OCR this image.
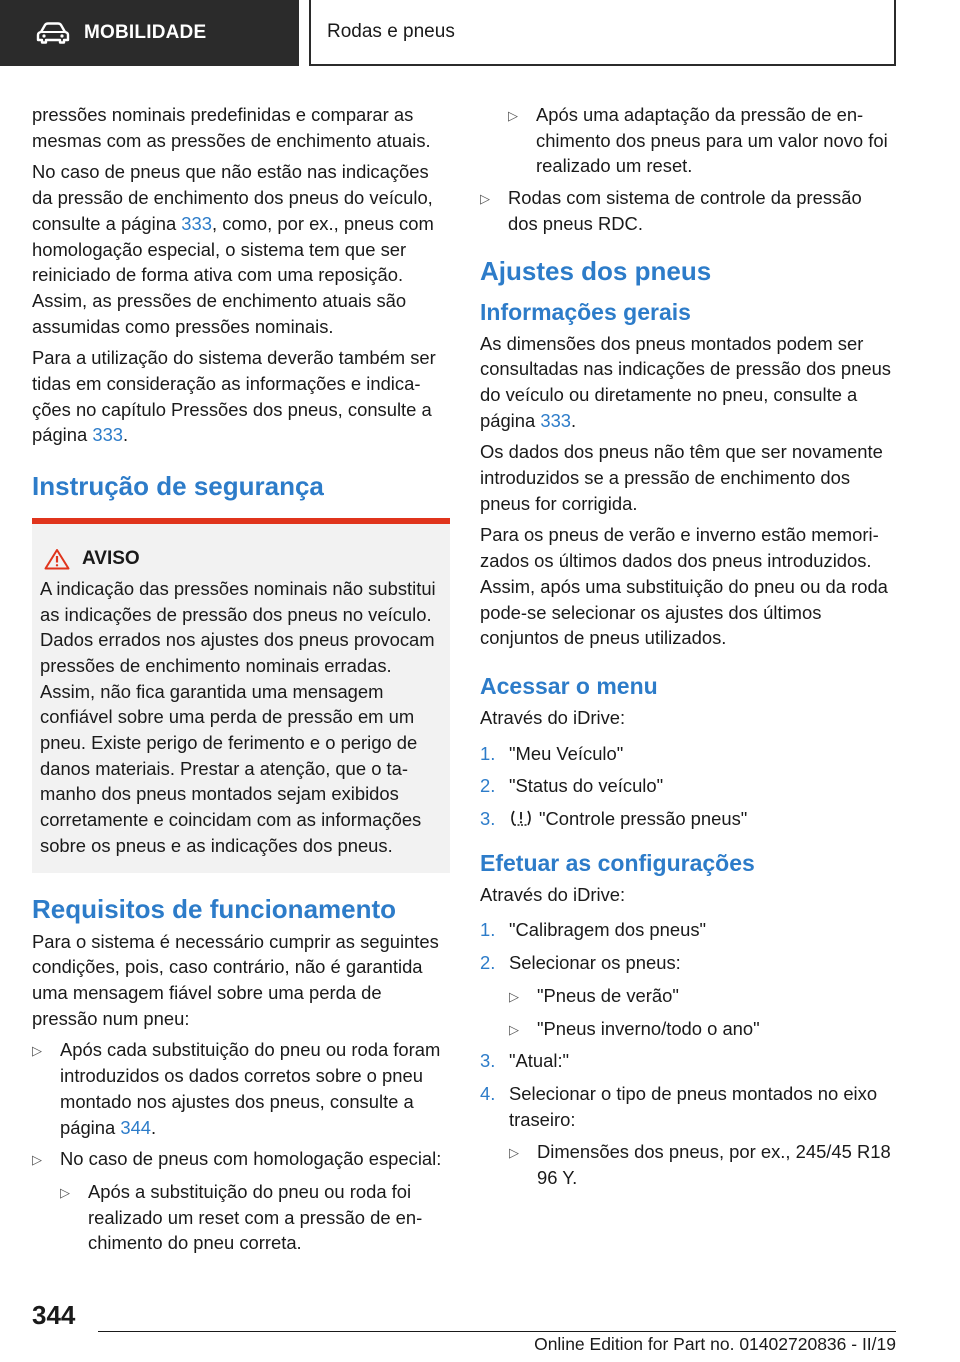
MOBILIDADE	Rodas e pneus

pressões nominais predefinidas e comparar as mesmas com as pressões de enchimento atuais.

No caso de pneus que não estão nas indicações da pressão de enchimento dos pneus do veículo, consulte a página 333, como, por ex., pneus com homologação especial, o sistema tem que ser reiniciado de forma ativa com uma reposição. Assim, as pressões de enchimento atuais são assumidas como pressões nominais.

Para a utilização do sistema deverão também ser tidas em consideração as informações e indicações no capítulo Pressões dos pneus, consulte a página 333.

Instrução de segurança
AVISO

A indicação das pressões nominais não substitui as indicações de pressão dos pneus no veículo. Dados errados nos ajustes dos pneus provocam pressões de enchimento nominais erradas. Assim, não fica garantida uma mensagem confiável sobre uma perda de pressão em um pneu. Existe perigo de ferimento e o perigo de danos materiais. Prestar a atenção, que o tamanho dos pneus montados sejam exibidos corretamente e coincidam com as informações sobre os pneus e as indicações dos pneus.

Requisitos de funcionamento

Para o sistema é necessário cumprir as seguintes condições, pois, caso contrário, não é garantida uma mensagem fiável sobre uma perda de pressão num pneu:

▷ Após cada substituição do pneu ou roda foram introduzidos os dados corretos sobre o pneu montado nos ajustes dos pneus, consulte a página 344.
▷ No caso de pneus com homologação especial:
▷ Após a substituição do pneu ou roda foi realizado um reset com a pressão de enchimento do pneu correta.
▷ Após uma adaptação da pressão de enchimento dos pneus para um valor novo foi realizado um reset.
▷ Rodas com sistema de controle da pressão dos pneus RDC.
Ajustes dos pneus
Informações gerais

As dimensões dos pneus montados podem ser consultadas nas indicações de pressão dos pneus do veículo ou diretamente no pneu, consulte a página 333.

Os dados dos pneus não têm que ser novamente introduzidos se a pressão de enchimento dos pneus for corrigida.

Para os pneus de verão e inverno estão memorizados os últimos dados dos pneus introduzidos. Assim, após uma substituição do pneu ou da roda pode-se selecionar os ajustes dos últimos conjuntos de pneus utilizados.

Acessar o menu

Através do iDrive:

1. "Meu Veículo"
2. "Status do veículo"
3.	"Controle pressão pneus"
Efetuar as configurações

Através do iDrive:

1. "Calibragem dos pneus"
2. Selecionar os pneus:
▷ "Pneus de verão"
▷ "Pneus inverno/todo o ano"
3. "Atual:"
4. Selecionar o tipo de pneus montados no eixo traseiro:
▷ Dimensões dos pneus, por ex., 245/45 R18 96 Y.
344
Online Edition for Part no. 01402720836 - II/19
